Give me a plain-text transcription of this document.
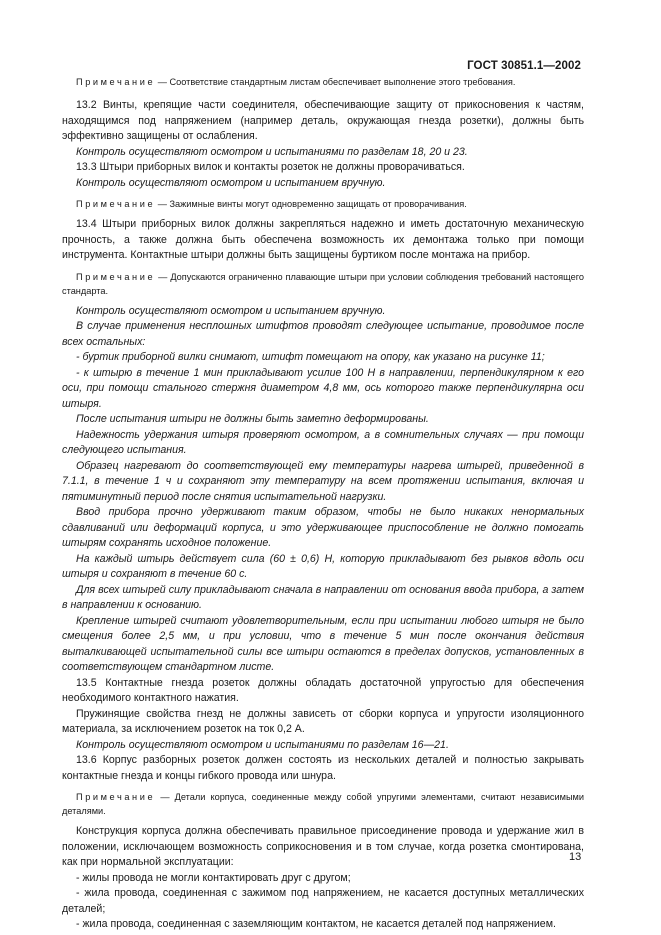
ГОСТ 30851.1—2002

Примечание — Соответствие стандартным листам обеспечивает выполнение этого требования.

13.2 Винты, крепящие части соединителя, обеспечивающие защиту от прикосновения к частям, находящимся под напряжением (например деталь, окружающая гнезда розетки), должны быть эффективно защищены от ослабления.

Контроль осуществляют осмотром и испытаниями по разделам 18, 20 и 23.

13.3 Штыри приборных вилок и контакты розеток не должны проворачиваться.

Контроль осуществляют осмотром и испытанием вручную.

Примечание — Зажимные винты могут одновременно защищать от проворачивания.

13.4 Штыри приборных вилок должны закрепляться надежно и иметь достаточную механическую прочность, а также должна быть обеспечена возможность их демонтажа только при помощи инструмента. Контактные штыри должны быть защищены буртиком после монтажа на прибор.

Примечание — Допускаются ограниченно плавающие штыри при условии соблюдения требований настоящего стандарта.

Контроль осуществляют осмотром и испытанием вручную.

В случае применения несплошных штифтов проводят следующее испытание, проводимое после всех остальных:

- буртик приборной вилки снимают, штифт помещают на опору, как указано на рисунке 11;

- к штырю в течение 1 мин прикладывают усилие 100 Н в направлении, перпендикулярном к его оси, при помощи стального стержня диаметром 4,8 мм, ось которого также перпендикулярна оси штыря.

После испытания штыри не должны быть заметно деформированы.

Надежность удержания штыря проверяют осмотром, а в сомнительных случаях — при помощи следующего испытания.

Образец нагревают до соответствующей ему температуры нагрева штырей, приведенной в 7.1.1, в течение 1 ч и сохраняют эту температуру на всем протяжении испытания, включая и пятиминутный период после снятия испытательной нагрузки.

Ввод прибора прочно удерживают таким образом, чтобы не было никаких ненормальных сдавливаний или деформаций корпуса, и это удерживающее приспособление не должно помогать штырям сохранять исходное положение.

На каждый штырь действует сила (60 ± 0,6) Н, которую прикладывают без рывков вдоль оси штыря и сохраняют в течение 60 с.

Для всех штырей силу прикладывают сначала в направлении от основания ввода прибора, а затем в направлении к основанию.

Крепление штырей считают удовлетворительным, если при испытании любого штыря не было смещения более 2,5 мм, и при условии, что в течение 5 мин после окончания действия выталкивающей испытательной силы все штыри остаются в пределах допусков, установленных в соответствующем стандартном листе.

13.5 Контактные гнезда розеток должны обладать достаточной упругостью для обеспечения необходимого контактного нажатия.

Пружинящие свойства гнезд не должны зависеть от сборки корпуса и упругости изоляционного материала, за исключением розеток на ток 0,2 А.

Контроль осуществляют осмотром и испытаниями по разделам 16—21.

13.6 Корпус разборных розеток должен состоять из нескольких деталей и полностью закрывать контактные гнезда и концы гибкого провода или шнура.

Примечание — Детали корпуса, соединенные между собой упругими элементами, считают независимыми деталями.

Конструкция корпуса должна обеспечивать правильное присоединение провода и удержание жил в положении, исключающем возможность соприкосновения и в том случае, когда розетка смонтирована, как при нормальной эксплуатации:

- жилы провода не могли контактировать друг с другом;

- жила провода, соединенная с зажимом под напряжением, не касается доступных металлических деталей;

- жила провода, соединенная с заземляющим контактом, не касается деталей под напряжением.

13
